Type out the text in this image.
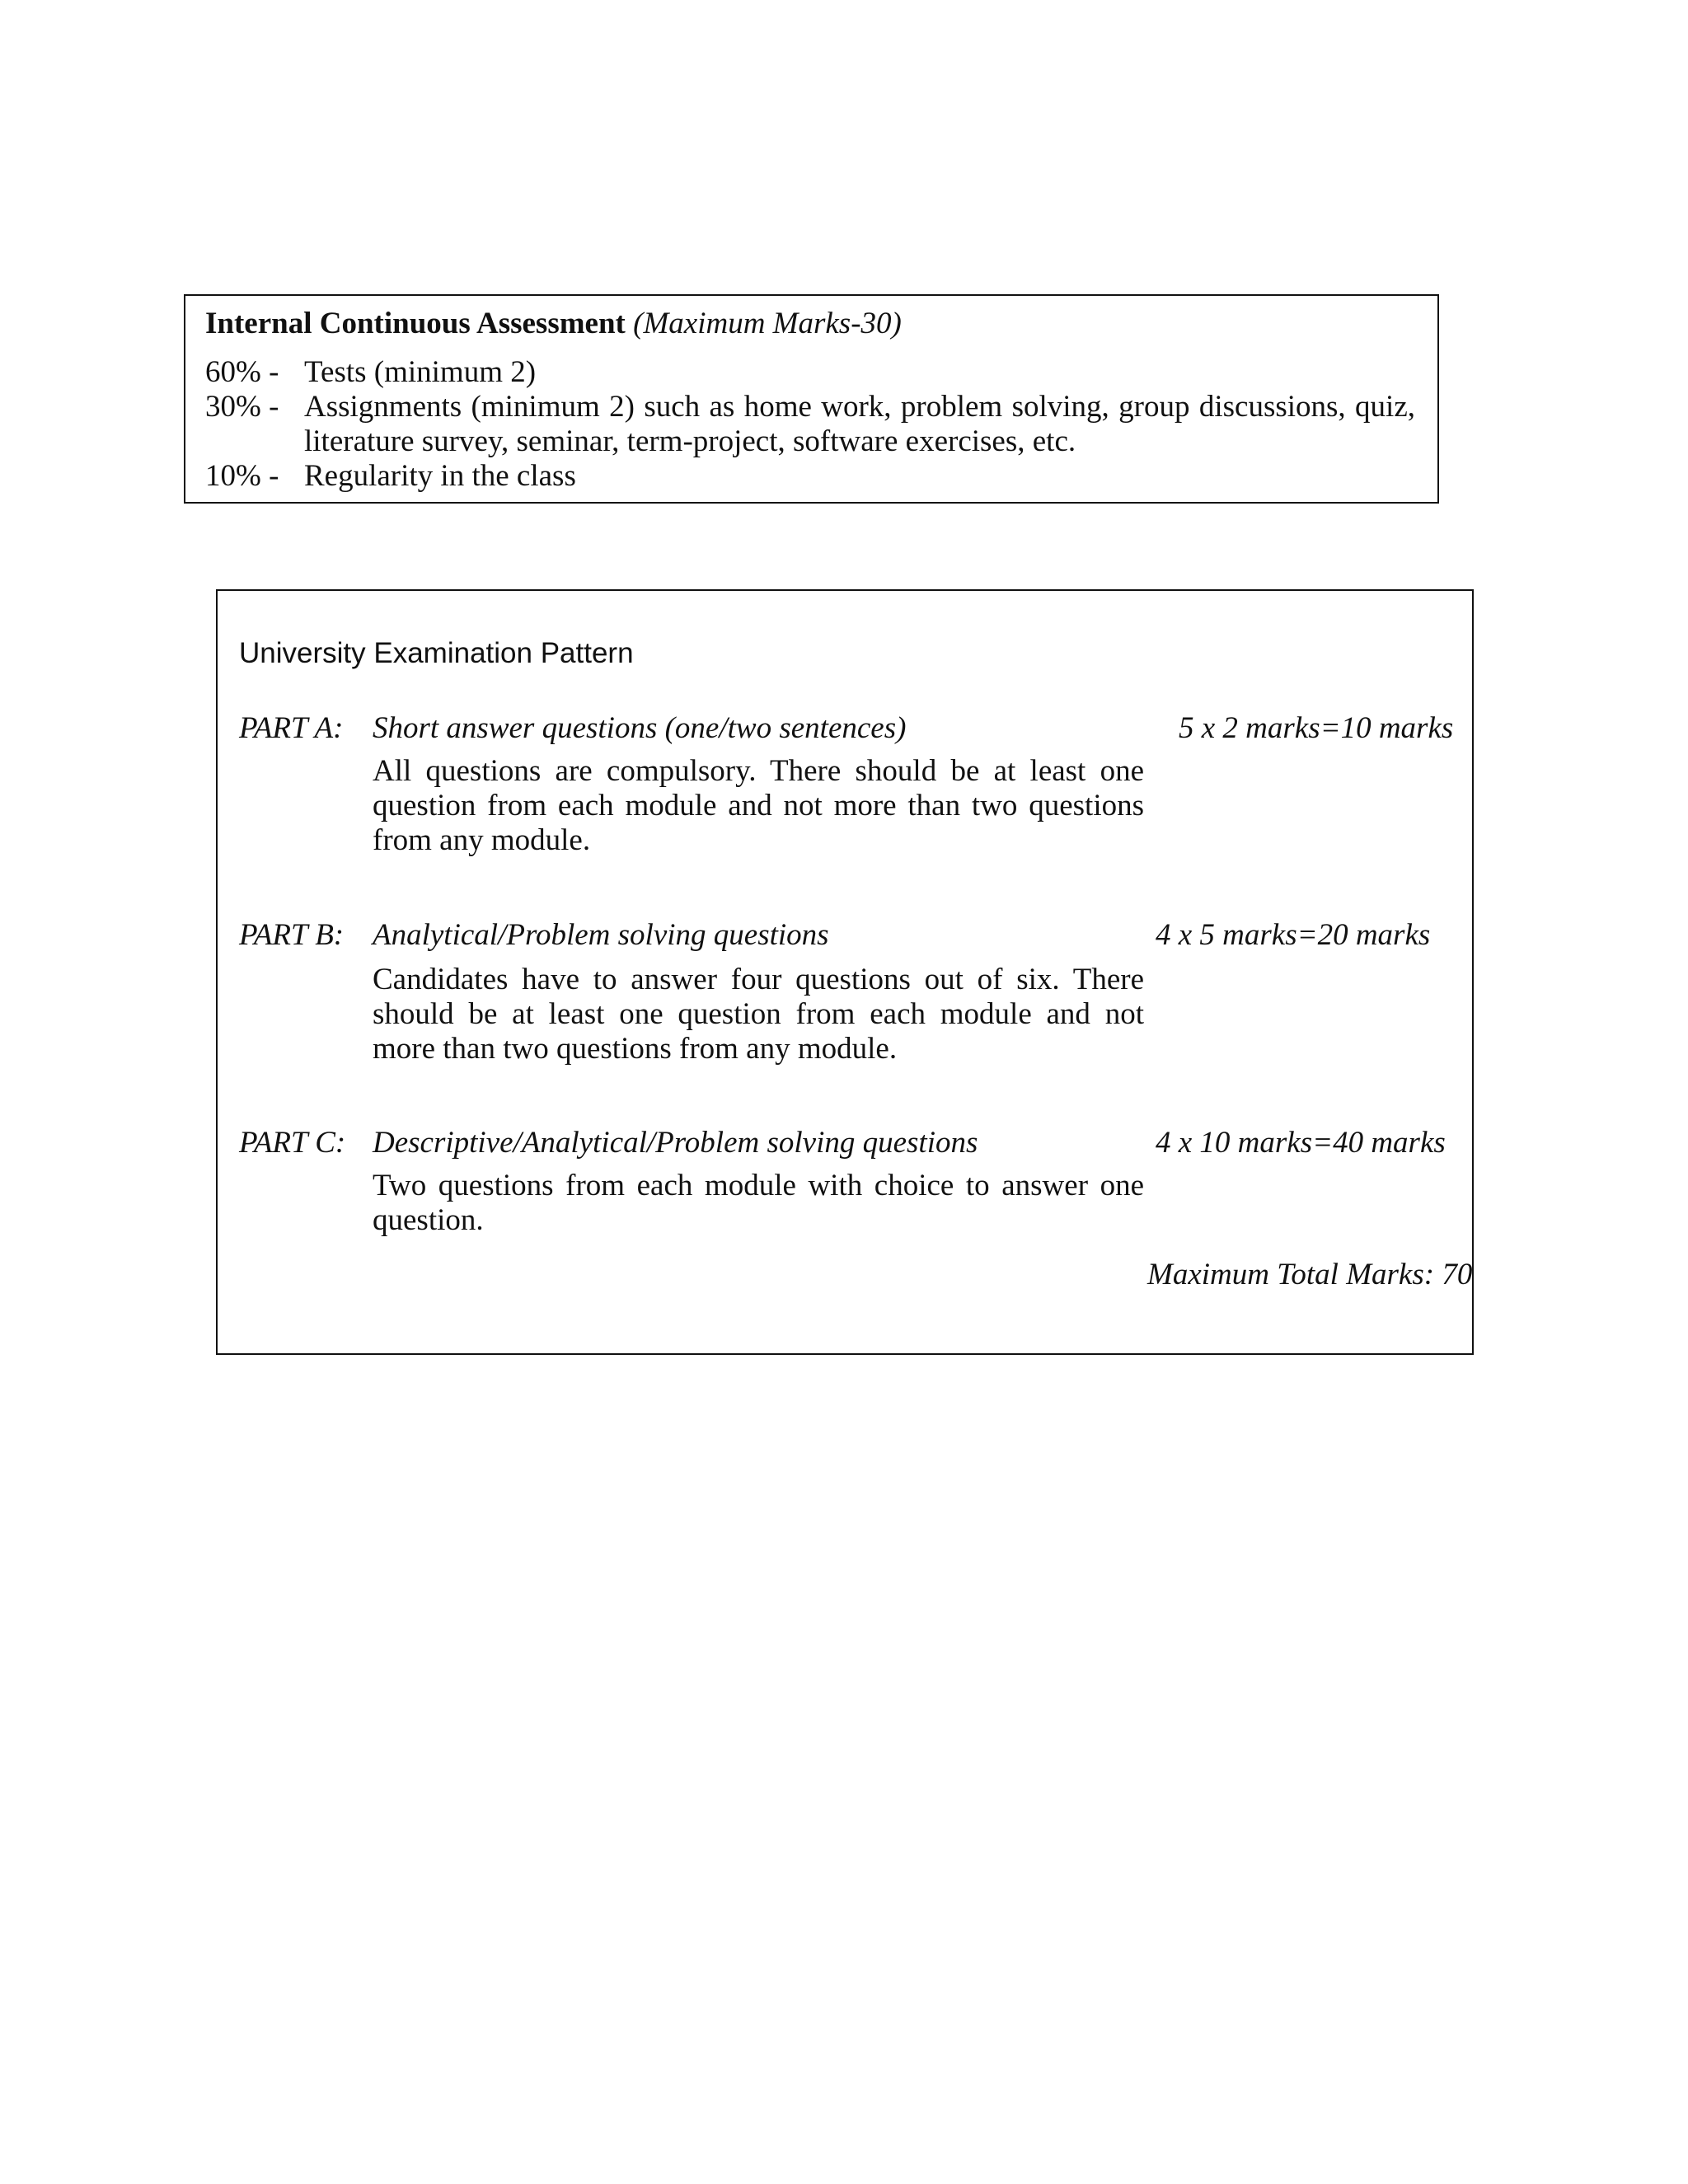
Internal Continuous Assessment (Maximum Marks-30)
60% - Tests (minimum 2)
30% - Assignments (minimum 2) such as home work, problem solving, group discussions, quiz, literature survey, seminar, term-project, software exercises, etc.
10% - Regularity in the class
University Examination Pattern
PART A: Short answer questions (one/two sentences)	5 x 2 marks=10 marks
All questions are compulsory. There should be at least one question from each module and not more than two questions from any module.
PART B: Analytical/Problem solving questions	4 x 5 marks=20 marks
Candidates have to answer four questions out of six. There should be at least one question from each module and not more than two questions from any module.
PART C: Descriptive/Analytical/Problem solving questions	4 x 10 marks=40 marks
Two questions from each module with choice to answer one question.
Maximum Total Marks: 70
